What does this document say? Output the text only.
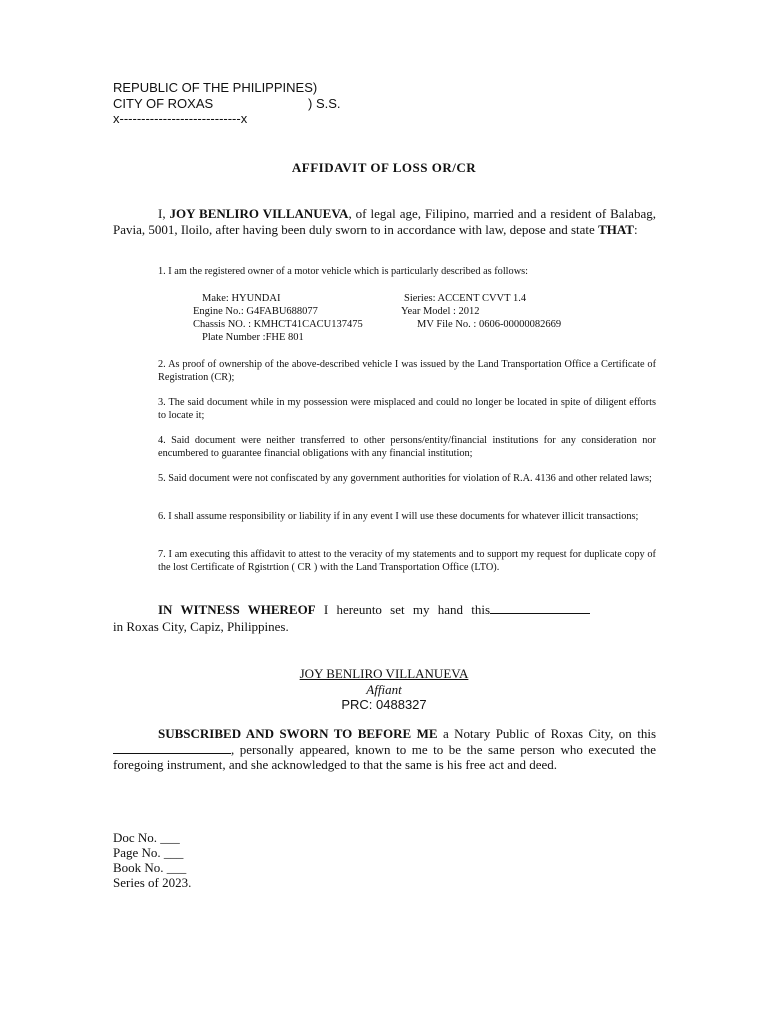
REPUBLIC OF THE PHILIPPINES)
CITY OF ROXAS	) S.S.
x----------------------------x
AFFIDAVIT OF LOSS OR/CR
I, JOY BENLIRO VILLANUEVA, of legal age, Filipino, married and a resident of Balabag, Pavia, 5001, Iloilo, after having been duly sworn to in accordance with law, depose and state THAT:
1. I am the registered owner of a motor vehicle which is particularly described as follows:
Make: HYUNDAI	Sieries: ACCENT CVVT 1.4
Engine No.: G4FABU688077	Year Model : 2012
Chassis NO. : KMHCT41CACU137475	MV File No. : 0606-00000082669
Plate Number :FHE 801
2. As proof of ownership of the above-described vehicle I was issued by the Land Transportation Office a Certificate of Registration (CR);
3. The said document while in my possession were misplaced and could no longer be located in spite of diligent efforts to locate it;
4. Said document were neither transferred to other persons/entity/financial institutions for any consideration nor encumbered to guarantee financial obligations with any financial institution;
5. Said document were not confiscated by any government authorities for violation of R.A. 4136 and other related laws;
6. I shall assume responsibility or liability if in any event I will use these documents for whatever illicit transactions;
7. I am executing this affidavit to attest to the veracity of my statements and to support my request for duplicate copy of the lost Certificate of Rgistrtion ( CR ) with the Land Transportation Office (LTO).
IN WITNESS WHEREOF I hereunto set my hand this
in Roxas City, Capiz, Philippines.
JOY BENLIRO VILLANUEVA
Affiant
PRC: 0488327
SUBSCRIBED AND SWORN TO BEFORE ME a Notary Public of Roxas City, on this , personally appeared, known to me to be the same person who executed the foregoing instrument, and she acknowledged to that the same is his free act and deed.
Doc No. ___
Page No. ___
Book No. ___
Series of 2023.
